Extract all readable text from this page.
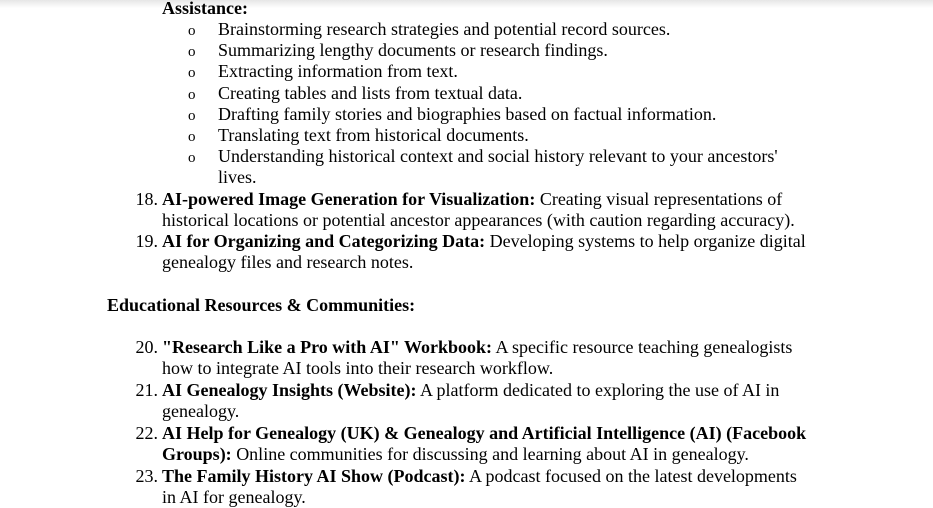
Assistance:
o Brainstorming research strategies and potential record sources.
o Summarizing lengthy documents or research findings.
o Extracting information from text.
o Creating tables and lists from textual data.
o Drafting family stories and biographies based on factual information.
o Translating text from historical documents.
o Understanding historical context and social history relevant to your ancestors'
lives.
18. AI-powered Image Generation for Visualization: Creating visual representations of
historical locations or potential ancestor appearances (with caution regarding accuracy).
19. AI for Organizing and Categorizing Data: Developing systems to help organize digital
genealogy files and research notes.
Educational Resources & Communities:
20. "Research Like a Pro with AI" Workbook: A specific resource teaching genealogists
how to integrate AI tools into their research workflow.
21. AI Genealogy Insights (Website): A platform dedicated to exploring the use of AI in
genealogy.
22. AI Help for Genealogy (UK) & Genealogy and Artificial Intelligence (AI) (Facebook
Groups): Online communities for discussing and learning about AI in genealogy.
23. The Family History AI Show (Podcast): A podcast focused on the latest developments
in AI for genealogy.
